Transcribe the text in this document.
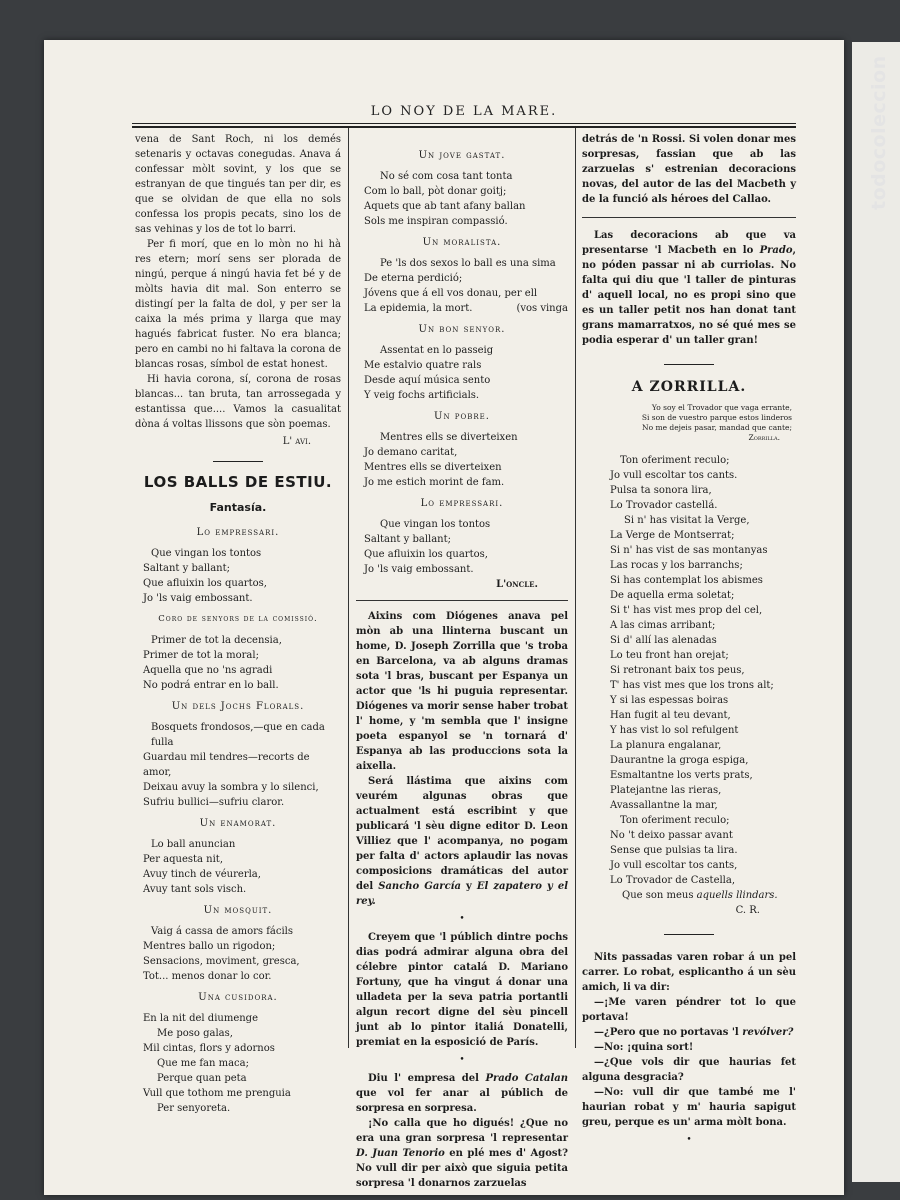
todocoleccion
LO NOY DE LA MARE.

vena de Sant Roch, ni los demés setenaris y octavas conegudas. Anava á confessar mòlt sovint, y los que se estranyan de que tingués tan per dir, es que se olvidan de que ella no sols confessa los propis pecats, sino los de sas vehinas y los de tot lo barri.

Per fi morí, que en lo mòn no hi hà res etern; morí sens ser plorada de ningú, perque á ningú havia fet bé y de mòlts havia dit mal. Son enterro se distingí per la falta de dol, y per ser la caixa la més prima y llarga que may hagués fabricat fuster. No era blanca; pero en cambi no hi faltava la corona de blancas rosas, símbol de estat honest.

Hi havia corona, sí, corona de rosas blancas... tan bruta, tan arrossegada y estantissa que.... Vamos la casualitat dòna á voltas llissons que sòn poemas.

L' avi.

LOS BALLS DE ESTIU.
Fantasía.
Lo empressari.

Que vingan los tontos

Saltant y ballant;

Que afluixin los quartos,

Jo 'ls vaig embossant.

Coro de senyors de la comissió.

Primer de tot la decensia,

Primer de tot la moral;

Aquella que no 'ns agradi

No podrá entrar en lo ball.

Un dels Jochs Florals.

Bosquets frondosos,—que en cada fulla

Guardau mil tendres—recorts de amor,

Deixau avuy la sombra y lo silenci,

Sufriu bullici—sufriu claror.

Un enamorat.

Lo ball anuncian

Per aquesta nit,

Avuy tinch de véurerla,

Avuy tant sols visch.

Un mosquit.

Vaig á cassa de amors fácils

Mentres ballo un rigodon;

Sensacions, moviment, gresca,

Tot... menos donar lo cor.

Una cusidora.

En la nit del diumenge

Me poso galas,

Mil cintas, flors y adornos

Que me fan maca;

Perque quan peta

Vull que tothom me prenguia

Per senyoreta.

Un jove gastat.

No sé com cosa tant tonta

Com lo ball, pòt donar goitj;

Aquets que ab tant afany ballan

Sols me inspiran compassió.

Un moralista.

Pe 'ls dos sexos lo ball es una sima

De eterna perdició;

Jóvens que á ell vos donau, per ell

La epidemia, la mort.	(vos vinga

Un bon senyor.

Assentat en lo passeig

Me estalvio quatre rals

Desde aquí música sento

Y veig fochs artificials.

Un pobre.

Mentres ells se diverteixen

Jo demano caritat,

Mentres ells se diverteixen

Jo me estich morint de fam.

Lo empressari.

Que vingan los tontos

Saltant y ballant;

Que afluixin los quartos,

Jo 'ls vaig embossant.

L'oncle.

Aixins com Diógenes anava pel mòn ab una llinterna buscant un home, D. Joseph Zorrilla que 's troba en Barcelona, va ab alguns dramas sota 'l bras, buscant per Espanya un actor que 'ls hi puguia representar. Diógenes va morir sense haber trobat l' home, y 'm sembla que l' insigne poeta espanyol se 'n tornará d' Espanya ab las produccions sota la aixella.

Será llástima que aixins com veurém algunas obras que actualment está escribint y que publicará 'l sèu digne editor D. Leon Villiez que l' acompanya, no pogam per falta d' actors aplaudir las novas composicions dramáticas del autor del Sancho García y El zapatero y el rey.

•

Creyem que 'l públich dintre pochs dias podrá admirar alguna obra del célebre pintor catalá D. Mariano Fortuny, que ha vingut á donar una ulladeta per la seva patria portantli algun recort digne del sèu pincell junt ab lo pintor italiá Donatelli, premiat en la esposició de París.

•

Diu l' empresa del Prado Catalan que vol fer anar al públich de sorpresa en sorpresa.

¡No calla que ho digués! ¿Que no era una gran sorpresa 'l representar D. Juan Tenorio en plé mes d' Agost? No vull dir per això que siguia petita sorpresa 'l donarnos zarzuelas

detrás de 'n Rossi. Si volen donar mes sorpresas, fassian que ab las zarzuelas s' estrenian decoracions novas, del autor de las del Macbeth y de la funció als héroes del Callao.

Las decoracions ab que va presentarse 'l Macbeth en lo Prado, no póden passar ni ab curriolas. No falta qui diu que 'l taller de pinturas d' aquell local, no es propi sino que es un taller petit nos han donat tant grans mamarratxos, no sé qué mes se podia esperar d' un taller gran!

A ZORRILLA.
Yo soy el Trovador que vaga errante,
Si son de vuestro parque estos linderos
No me dejeis pasar, mandad que cante;
Zorrilla.

Ton oferiment reculo;

Jo vull escoltar tos cants.

Pulsa ta sonora lira,

Lo Trovador castellá.

Si n' has visitat la Verge,

La Verge de Montserrat;

Si n' has vist de sas montanyas

Las rocas y los barranchs;

Si has contemplat los abismes

De aquella erma soletat;

Si t' has vist mes prop del cel,

A las cimas arribant;

Si d' allí las alenadas

Lo teu front han orejat;

Si retronant baix tos peus,

T' has vist mes que los trons alt;

Y si las espessas boiras

Han fugit al teu devant,

Y has vist lo sol refulgent

La planura engalanar,

Daurantne la groga espiga,

Esmaltantne los verts prats,

Platejantne las rieras,

Avassallantne la mar,

Ton oferiment reculo;

No 't deixo passar avant

Sense que pulsias ta lira.

Jo vull escoltar tos cants,

Lo Trovador de Castella,

Que son meus aquells llindars.

C. R.

Nits passadas varen robar á un pel carrer. Lo robat, esplicantho á un sèu amich, li va dir:

—¡Me varen péndrer tot lo que portava!

—¿Pero que no portavas 'l revólver?

—No: ¡quina sort!

—¿Que vols dir que haurias fet alguna desgracia?

—No: vull dir que també me l' haurian robat y m' hauria sapigut greu, perque es un' arma mòlt bona.

•
